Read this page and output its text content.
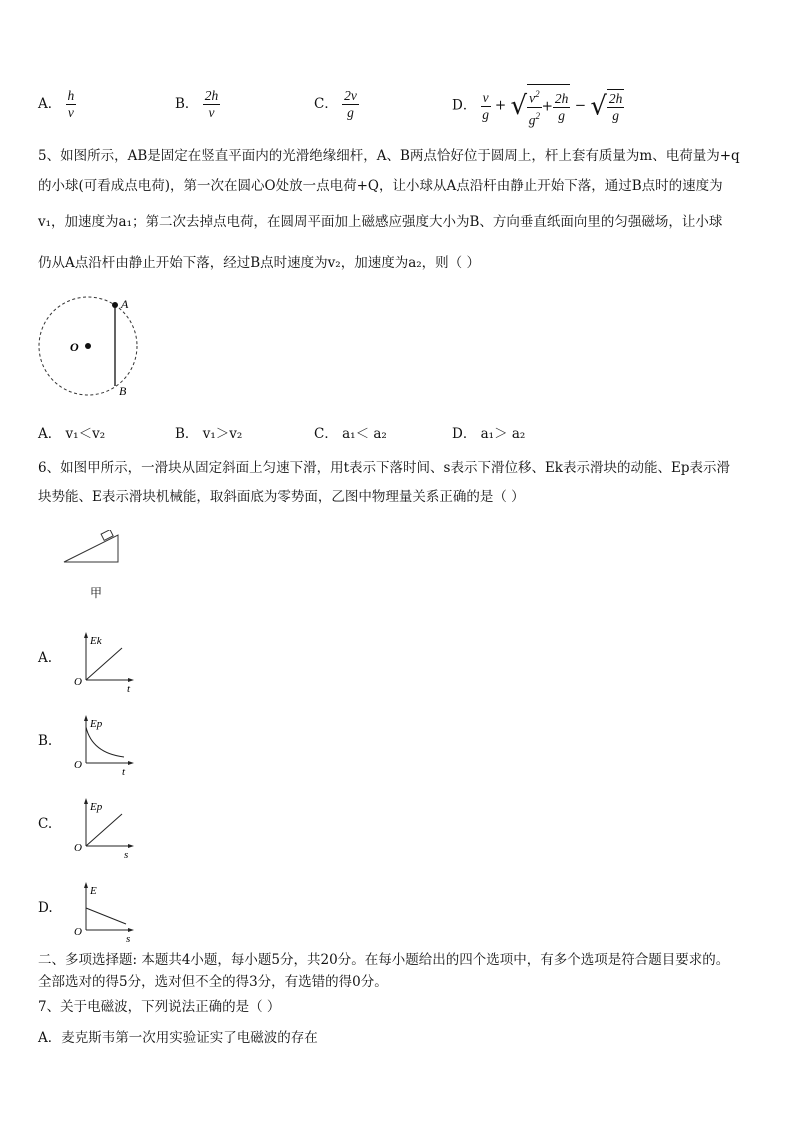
A． $\frac{h}{v}$	B． $\frac{2h}{v}$	C． $\frac{2v}{g}$	D． $\frac{v}{g}$ + √ $\frac{v^2}{g^2} + \frac{2h}{g}$ − √ $\frac{2h}{g}$
5、如图所示，AB是固定在竖直平面内的光滑绝缘细杆，A、B两点恰好位于圆周上，杆上套有质量为m、电荷量为+q
的小球(可看成点电荷)，第一次在圆心O处放一点电荷+Q，让小球从A点沿杆由静止开始下落，通过B点时的速度为
v₁，加速度为a₁；第二次去掉点电荷，在圆周平面加上磁感应强度大小为B、方向垂直纸面向里的匀强磁场，让小球
仍从A点沿杆由静止开始下落，经过B点时速度为v₂，加速度为a₂，则（ ）
A
B
O
A． v₁＜v₂	B． v₁＞v₂	C． a₁＜ a₂	D． a₁＞ a₂
6、如图甲所示，一滑块从固定斜面上匀速下滑，用t表示下落时间、s表示下滑位移、Ek表示滑块的动能、Ep表示滑
块势能、E表示滑块机械能，取斜面底为零势面，乙图中物理量关系正确的是（ ）
甲
A.
Ek
O
t
B.
Ep
O
t
C.
Ep
O
s
D.
E
O
s
二、多项选择题: 本题共4小题，每小题5分，共20分。在每小题给出的四个选项中，有多个选项是符合题目要求的。
全部选对的得5分，选对但不全的得3分，有选错的得0分。
7、关于电磁波，下列说法正确的是（ ）
A．麦克斯韦第一次用实验证实了电磁波的存在
